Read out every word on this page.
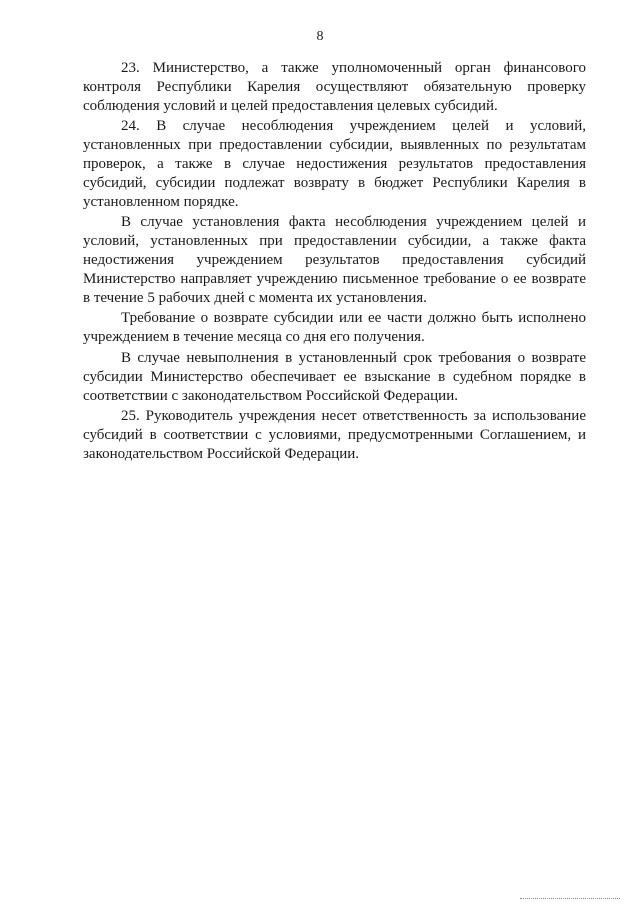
8

23. Министерство, а также уполномоченный орган финансового контроля Республики Карелия осуществляют обязательную проверку соблюдения условий и целей предоставления целевых субсидий.

24. В случае несоблюдения учреждением целей и условий, установленных при предоставлении субсидии, выявленных по результатам проверок, а также в случае недостижения результатов предоставления субсидий, субсидии подлежат возврату в бюджет Республики Карелия в установленном порядке.

В случае установления факта несоблюдения учреждением целей и условий, установленных при предоставлении субсидии, а также факта недостижения учреждением результатов предоставления субсидий Министерство направляет учреждению письменное требование о ее возврате в течение 5 рабочих дней с момента их установления.

Требование о возврате субсидии или ее части должно быть исполнено учреждением в течение месяца со дня его получения.

В случае невыполнения в установленный срок требования о возврате субсидии Министерство обеспечивает ее взыскание в судебном порядке в соответствии с законодательством Российской Федерации.

25. Руководитель учреждения несет ответственность за использование субсидий в соответствии с условиями, предусмотренными Соглашением, и законодательством Российской Федерации.
